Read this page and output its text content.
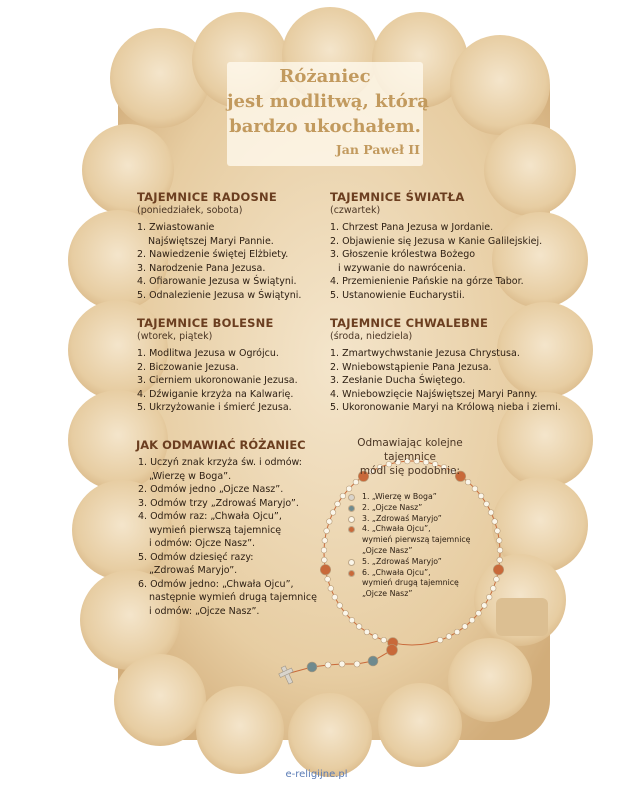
Różaniec
jest modlitwą, którą
bardzo ukochałem.
Jan Paweł II
TAJEMNICE RADOSNE
(poniedziałek, sobota)
1. Zwiastowanie
Najświętszej Maryi Pannie.
2. Nawiedzenie świętej Elżbiety.
3. Narodzenie Pana Jezusa.
4. Ofiarowanie Jezusa w Świątyni.
5. Odnalezienie Jezusa w Świątyni.
TAJEMNICE ŚWIATŁA
(czwartek)
1. Chrzest Pana Jezusa w Jordanie.
2. Objawienie się Jezusa w Kanie Galilejskiej.
3. Głoszenie królestwa Bożego
i wzywanie do nawrócenia.
4. Przemienienie Pańskie na górze Tabor.
5. Ustanowienie Eucharystii.
TAJEMNICE BOLESNE
(wtorek, piątek)
1. Modlitwa Jezusa w Ogrójcu.
2. Biczowanie Jezusa.
3. Cierniem ukoronowanie Jezusa.
4. Dźwiganie krzyża na Kalwarię.
5. Ukrzyżowanie i śmierć Jezusa.
TAJEMNICE CHWALEBNE
(środa, niedziela)
1. Zmartwychwstanie Jezusa Chrystusa.
2. Wniebowstąpienie Pana Jezusa.
3. Zesłanie Ducha Świętego.
4. Wniebowzięcie Najświętszej Maryi Panny.
5. Ukoronowanie Maryi na Królową nieba i ziemi.
JAK ODMAWIAĆ RÓŻANIEC
1. Uczyń znak krzyża św. i odmów:
„Wierzę w Boga”.
2. Odmów jedno „Ojcze Nasz”.
3. Odmów trzy „Zdrowaś Maryjo”.
4. Odmów raz: „Chwała Ojcu”,
wymień pierwszą tajemnicę
i odmów: Ojcze Nasz”.
5. Odmów dziesięć razy:
„Zdrowaś Maryjo”.
6. Odmów jedno: „Chwała Ojcu”,
następnie wymień drugą tajemnicę
i odmów: „Ojcze Nasz”.
Odmawiając kolejne tajemnice
módl się podobnie:
1. „Wierzę w Boga”
2. „Ojcze Nasz”
3. „Zdrowaś Maryjo”
4. „Chwała Ojcu”,
wymień pierwszą tajemnicę
„Ojcze Nasz”
5. „Zdrowaś Maryjo”
6. „Chwała Ojcu”,
wymień drugą tajemnicę
„Ojcze Nasz”
e-religijne.pl
